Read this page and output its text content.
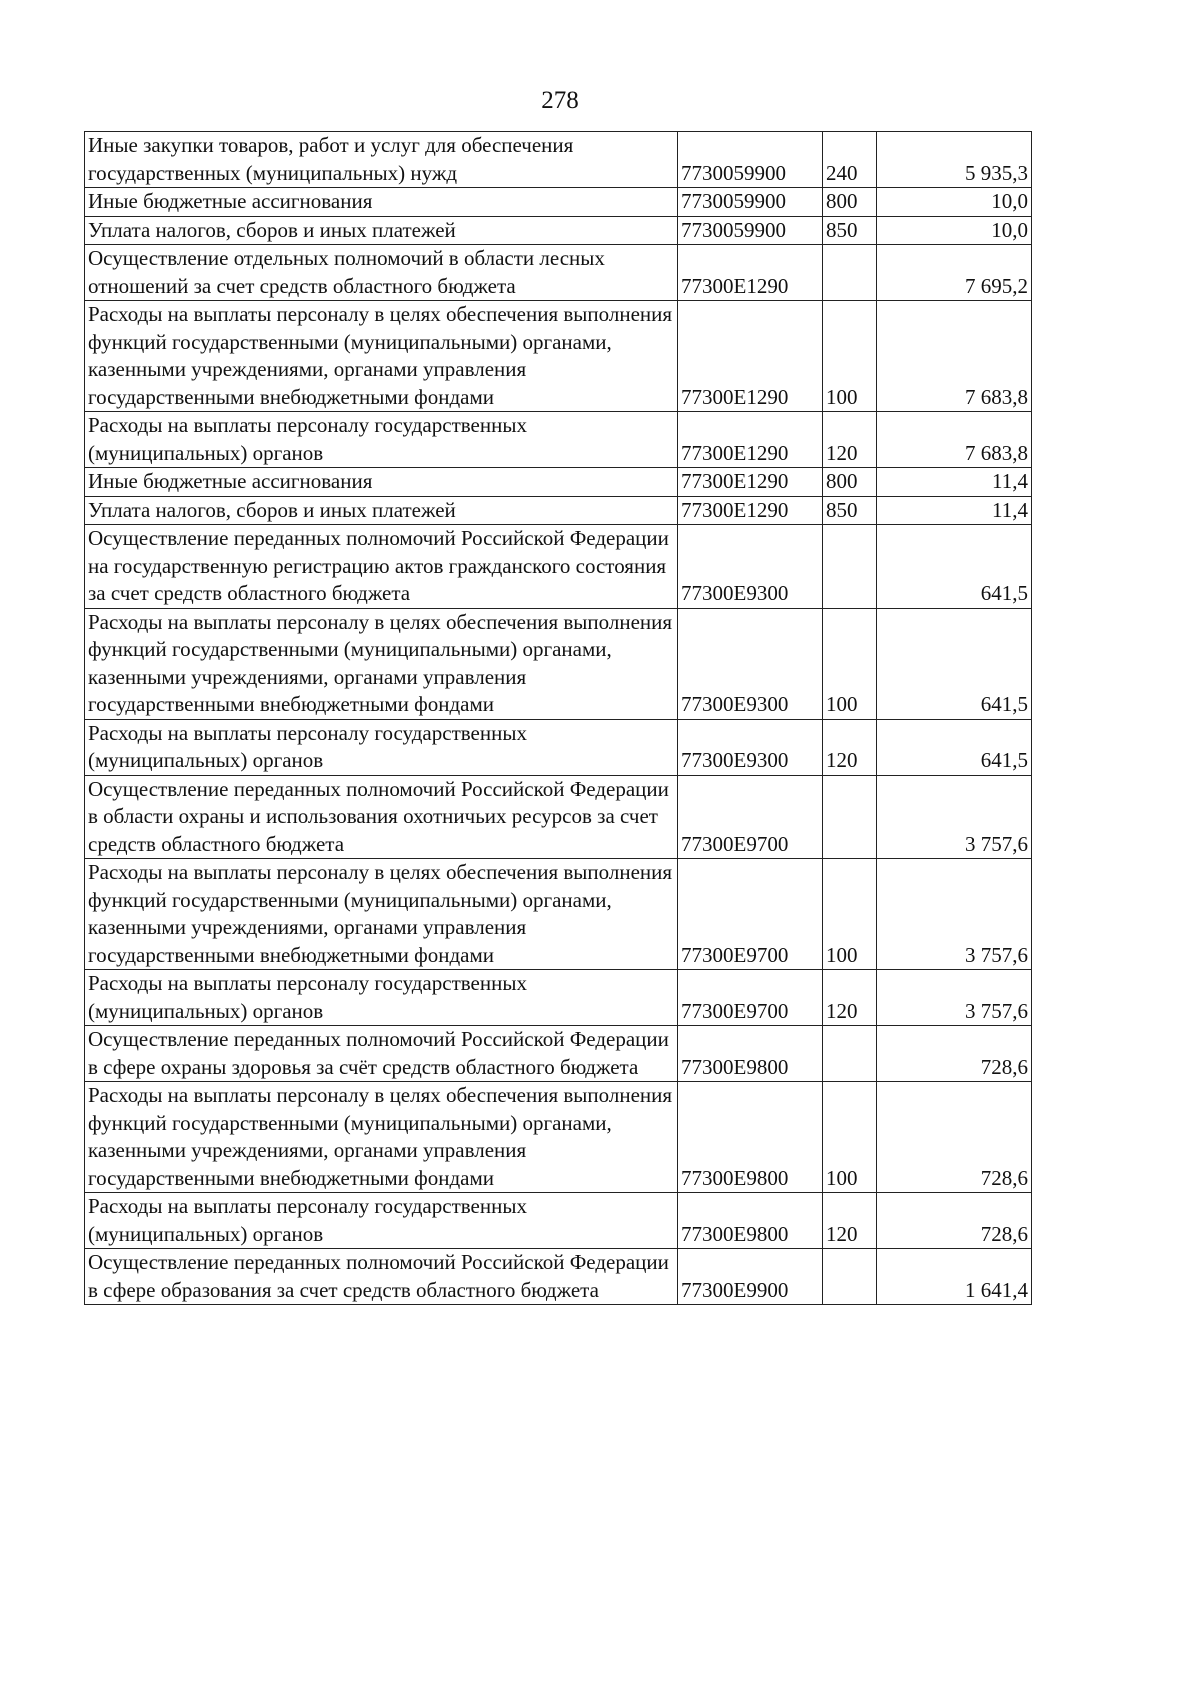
278
Иные закупки товаров, работ и услуг для обеспечения государственных (муниципальных) нужд	7730059900	240	5 935,3
Иные бюджетные ассигнования	7730059900	800	10,0
Уплата налогов, сборов и иных платежей	7730059900	850	10,0
Осуществление отдельных полномочий в области лесных отношений за счет средств областного бюджета	77300E1290		7 695,2
Расходы на выплаты персоналу в целях обеспечения выполнения функций государственными (муниципальными) органами, казенными учреждениями, органами управления государственными внебюджетными фондами	77300E1290	100	7 683,8
Расходы на выплаты персоналу государственных (муниципальных) органов	77300E1290	120	7 683,8
Иные бюджетные ассигнования	77300E1290	800	11,4
Уплата налогов, сборов и иных платежей	77300E1290	850	11,4
Осуществление переданных полномочий Российской Федерации на государственную регистрацию актов гражданского состояния за счет средств областного бюджета	77300E9300		641,5
Расходы на выплаты персоналу в целях обеспечения выполнения функций государственными (муниципальными) органами, казенными учреждениями, органами управления государственными внебюджетными фондами	77300E9300	100	641,5
Расходы на выплаты персоналу государственных (муниципальных) органов	77300E9300	120	641,5
Осуществление переданных полномочий Российской Федерации в области охраны и использования охотничьих ресурсов за счет средств областного бюджета	77300E9700		3 757,6
Расходы на выплаты персоналу в целях обеспечения выполнения функций государственными (муниципальными) органами, казенными учреждениями, органами управления государственными внебюджетными фондами	77300E9700	100	3 757,6
Расходы на выплаты персоналу государственных (муниципальных) органов	77300E9700	120	3 757,6
Осуществление переданных полномочий Российской Федерации в сфере охраны здоровья за счёт средств областного бюджета	77300E9800		728,6
Расходы на выплаты персоналу в целях обеспечения выполнения функций государственными (муниципальными) органами, казенными учреждениями, органами управления государственными внебюджетными фондами	77300E9800	100	728,6
Расходы на выплаты персоналу государственных (муниципальных) органов	77300E9800	120	728,6
Осуществление переданных полномочий Российской Федерации в сфере образования за счет средств областного бюджета	77300E9900		1 641,4
